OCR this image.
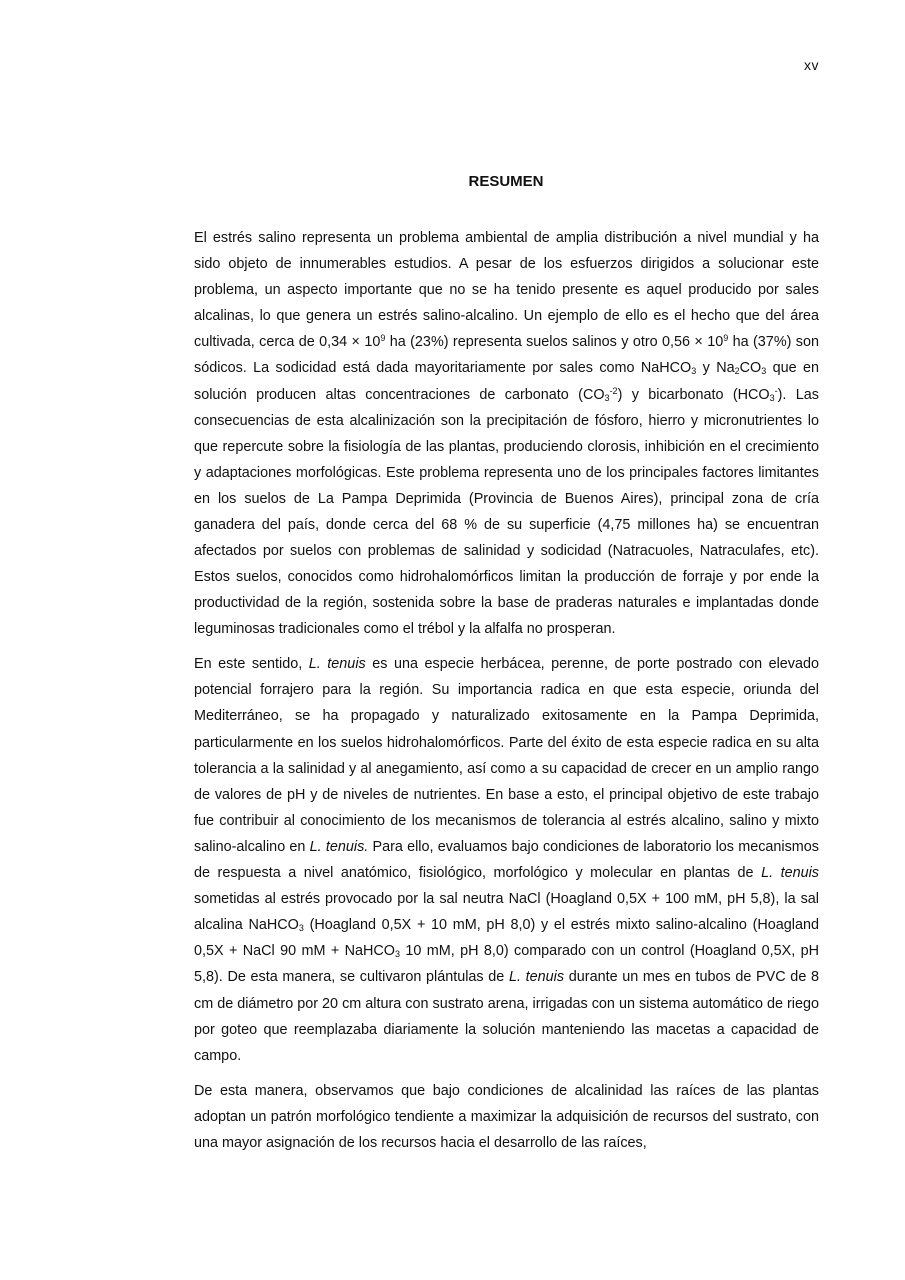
xv
RESUMEN

El estrés salino representa un problema ambiental de amplia distribución a nivel mundial y ha sido objeto de innumerables estudios. A pesar de los esfuerzos dirigidos a solucionar este problema, un aspecto importante que no se ha tenido presente es aquel producido por sales alcalinas, lo que genera un estrés salino-alcalino. Un ejemplo de ello es el hecho que del área cultivada, cerca de $0,34 \times 10^9$ ha (23%) representa suelos salinos y otro $0,56 \times 10^9$ ha (37%) son sódicos. La sodicidad está dada mayoritariamente por sales como NaHCO$_3$ y $Na_2CO_3$ que en solución producen altas concentraciones de carbonato $(CO_3^{-2})$ y bicarbonato $(HCO_3^-)$. Las consecuencias de esta alcalinización son la precipitación de fósforo, hierro y micronutrientes lo que repercute sobre la fisiología de las plantas, produciendo clorosis, inhibición en el crecimiento y adaptaciones morfológicas. Este problema representa uno de los principales factores limitantes en los suelos de La Pampa Deprimida (Provincia de Buenos Aires), principal zona de cría ganadera del país, donde cerca del 68 % de su superficie (4,75 millones ha) se encuentran afectados por suelos con problemas de salinidad y sodicidad (Natracuoles, Natraculafes, etc). Estos suelos, conocidos como hidrohalomórficos limitan la producción de forraje y por ende la productividad de la región, sostenida sobre la base de praderas naturales e implantadas donde leguminosas tradicionales como el trébol y la alfalfa no prosperan.

En este sentido, L. tenuis es una especie herbácea, perenne, de porte postrado con elevado potencial forrajero para la región. Su importancia radica en que esta especie, oriunda del Mediterráneo, se ha propagado y naturalizado exitosamente en la Pampa Deprimida, particularmente en los suelos hidrohalomórficos. Parte del éxito de esta especie radica en su alta tolerancia a la salinidad y al anegamiento, así como a su capacidad de crecer en un amplio rango de valores de pH y de niveles de nutrientes. En base a esto, el principal objetivo de este trabajo fue contribuir al conocimiento de los mecanismos de tolerancia al estrés alcalino, salino y mixto salino-alcalino en L. tenuis. Para ello, evaluamos bajo condiciones de laboratorio los mecanismos de respuesta a nivel anatómico, fisiológico, morfológico y molecular en plantas de L. tenuis sometidas al estrés provocado por la sal neutra NaCl (Hoagland 0,5X + 100 mM, pH 5,8), la sal alcalina NaHCO$_3$ (Hoagland 0,5X + 10 mM, pH 8,0) y el estrés mixto salino-alcalino (Hoagland 0,5X + NaCl 90 mM + NaHCO$_3$ 10 mM, pH 8,0) comparado con un control (Hoagland 0,5X, pH 5,8). De esta manera, se cultivaron plántulas de L. tenuis durante un mes en tubos de PVC de 8 cm de diámetro por 20 cm altura con sustrato arena, irrigadas con un sistema automático de riego por goteo que reemplazaba diariamente la solución manteniendo las macetas a capacidad de campo.

De esta manera, observamos que bajo condiciones de alcalinidad las raíces de las plantas adoptan un patrón morfológico tendiente a maximizar la adquisición de recursos del sustrato, con una mayor asignación de los recursos hacia el desarrollo de las raíces,
